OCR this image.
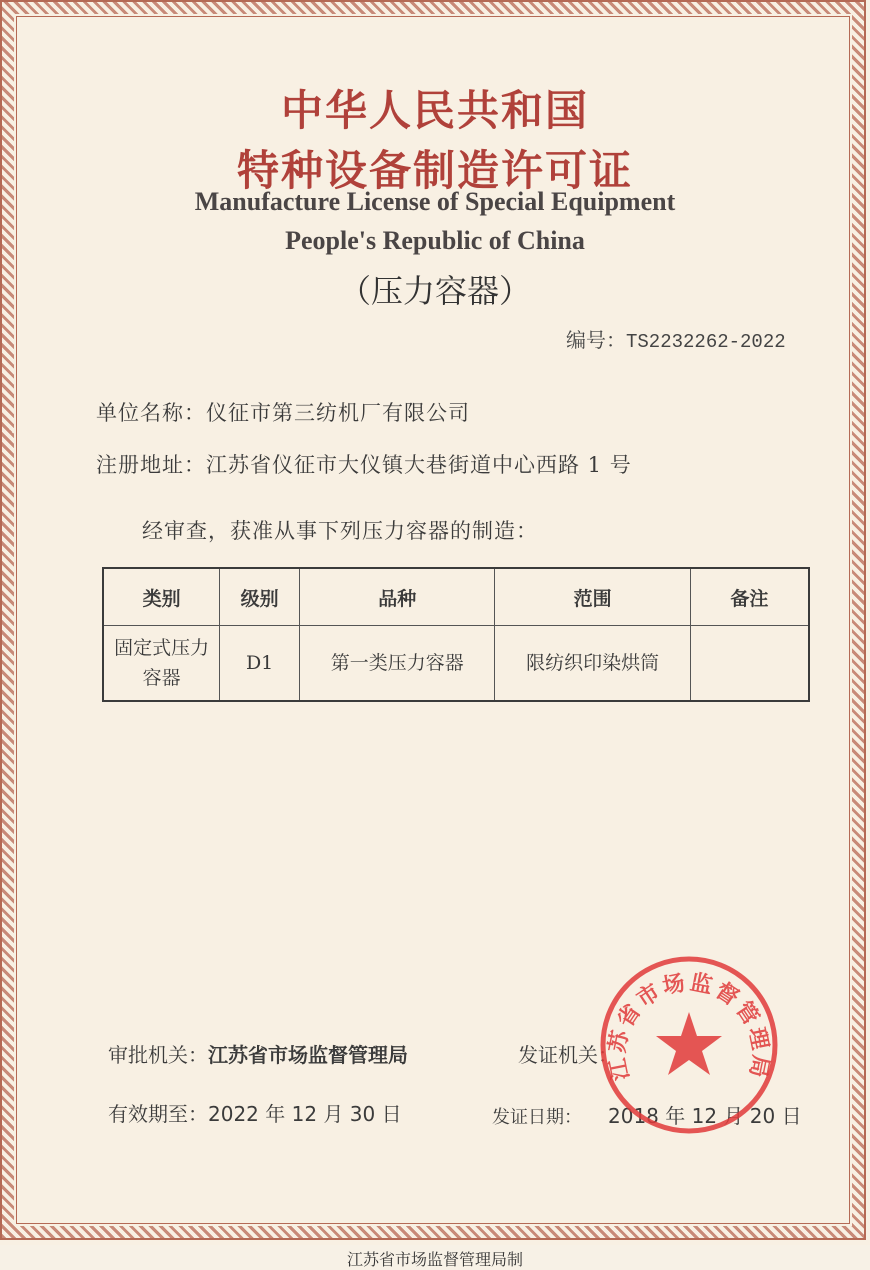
中华人民共和国
特种设备制造许可证
Manufacture License of Special Equipment
People's Republic of China
（压力容器）
编号：TS2232262-2022
单位名称：仪征市第三纺机厂有限公司
注册地址：江苏省仪征市大仪镇大巷街道中心西路 1 号
经审查，获准从事下列压力容器的制造：
类别	级别	品种	范围	备注
固定式压力容器	D1	第一类压力容器	限纺织印染烘筒	
审批机关：江苏省市场监督管理局	发证机关：
有效期至：2022 年 12 月 30 日	发证日期： 2018 年 12 月 20 日
江苏省市场监督管理局
江苏省市场监督管理局制
